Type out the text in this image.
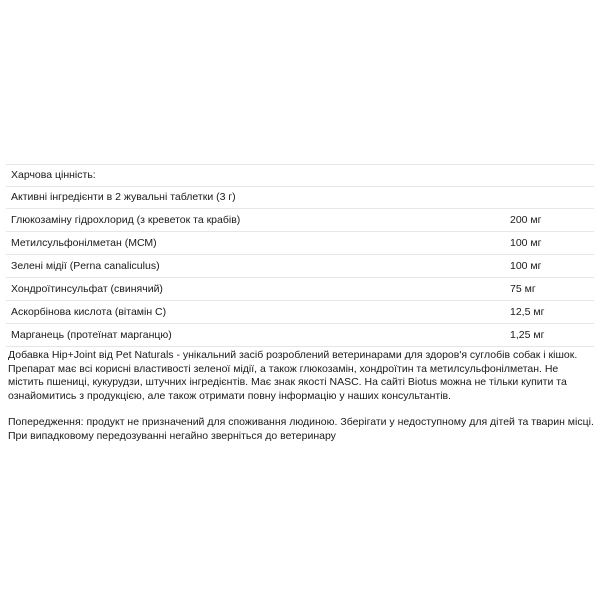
Харчова цінність:
Активні інгредієнти в 2 жувальні таблетки (3 г)
Глюкозаміну гідрохлорид (з креветок та крабів)	200 мг
Метилсульфонілметан (МСМ)	100 мг
Зелені мідії (Perna canaliculus)	100 мг
Хондроїтинсульфат (свинячий)	75 мг
Аскорбінова кислота (вітамін С)	12,5 мг
Марганець (протеїнат марганцю)	1,25 мг

Добавка Hip+Joint від Pet Naturals - унікальний засіб розроблений ветеринарами для здоров'я суглобів собак і кішок. Препарат має всі корисні властивості зеленої мідії, а також глюкозамін, хондроїтин та метилсульфонілметан. Не містить пшениці, кукурудзи, штучних інгредієнтів. Має знак якості NASC. На сайті Biotus можна не тільки купити та ознайомитись з продукцією, але також отримати повну інформацію у наших консультантів.

Попередження: продукт не призначений для споживання людиною. Зберігати у недоступному для дітей та тварин місці. При випадковому передозуванні негайно зверніться до ветеринару
